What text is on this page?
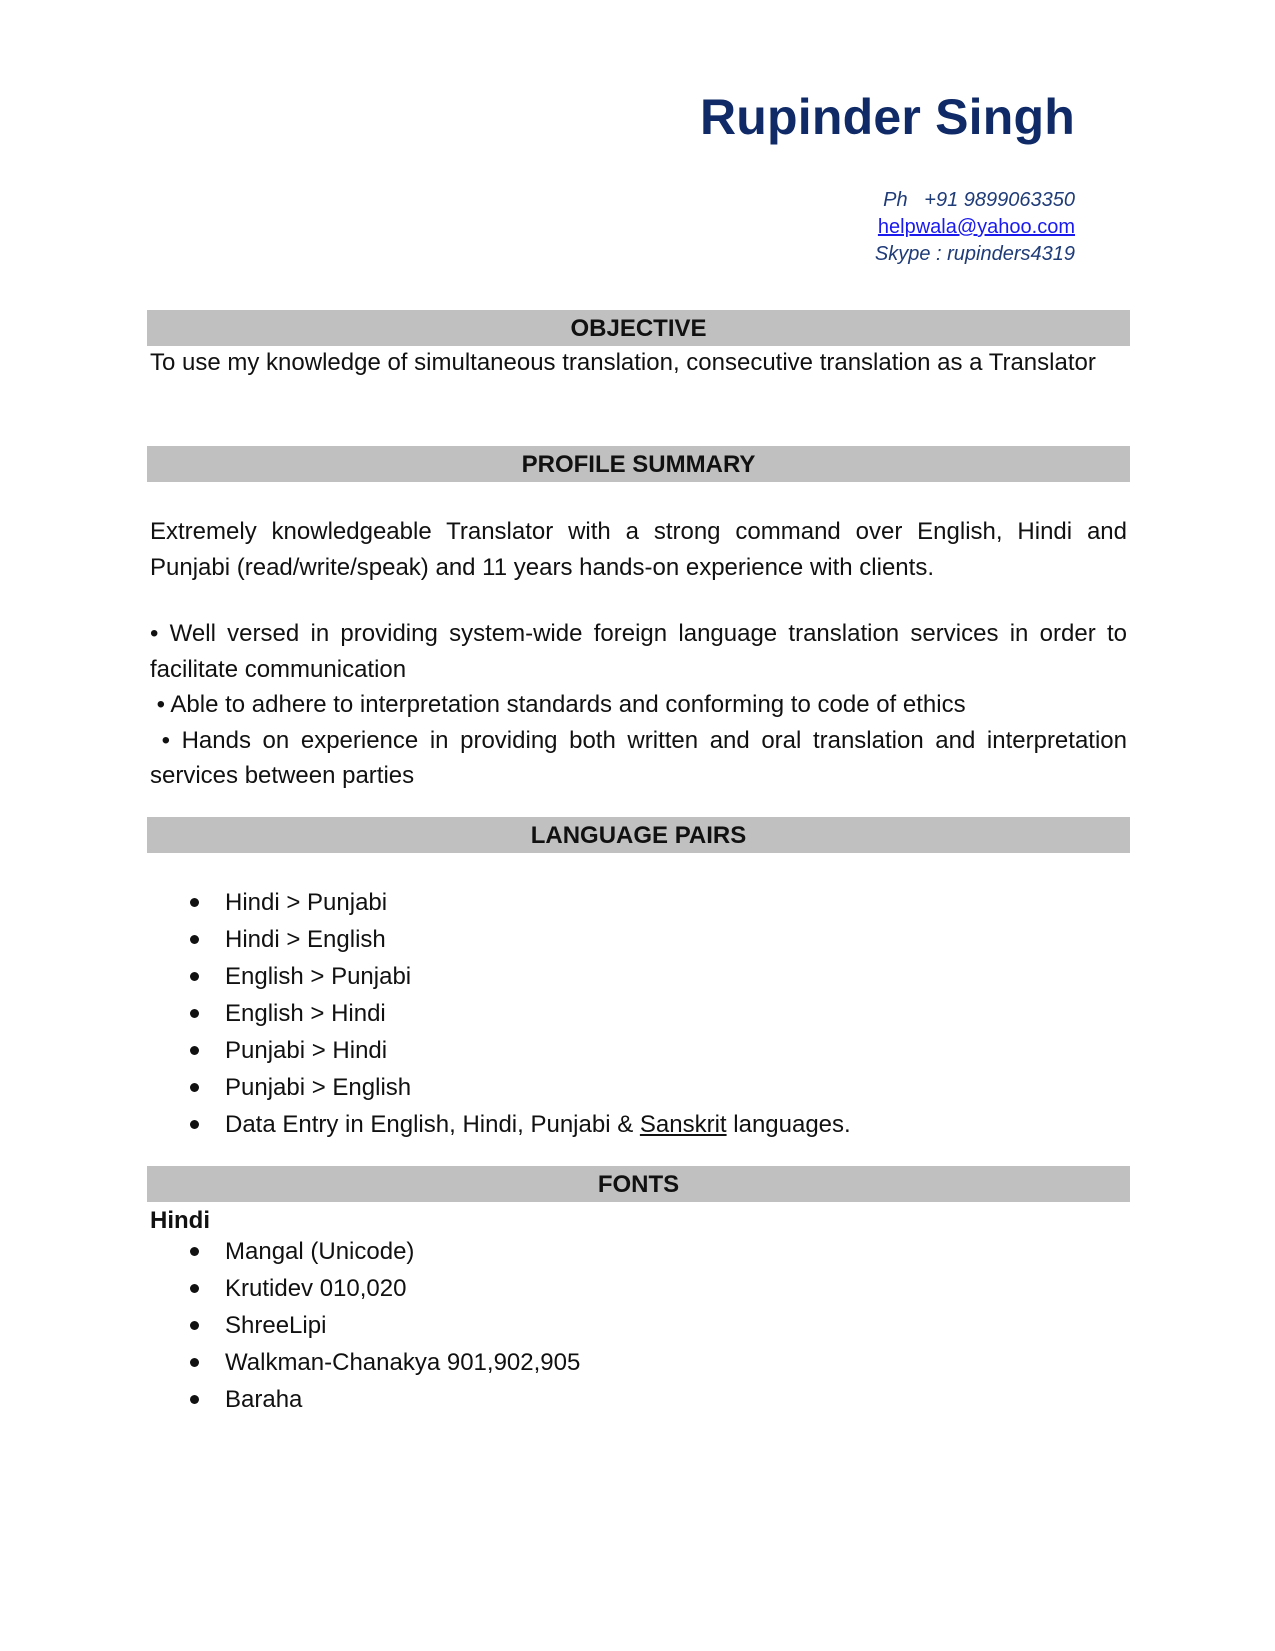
Rupinder Singh
Ph   +91 9899063350
helpwala@yahoo.com
Skype : rupinders4319
OBJECTIVE
To use my knowledge of simultaneous translation, consecutive translation as a Translator
PROFILE SUMMARY
Extremely knowledgeable Translator with a strong command over English, Hindi and Punjabi (read/write/speak) and 11 years hands-on experience with clients.
• Well versed in providing system-wide foreign language translation services in order to facilitate communication
• Able to adhere to interpretation standards and conforming to code of ethics
• Hands on experience in providing both written and oral translation and interpretation services between parties
LANGUAGE PAIRS
Hindi > Punjabi
Hindi > English
English > Punjabi
English > Hindi
Punjabi > Hindi
Punjabi > English
Data Entry in English, Hindi, Punjabi & Sanskrit languages.
FONTS
Hindi
Mangal (Unicode)
Krutidev 010,020
ShreeLipi
Walkman-Chanakya 901,902,905
Baraha
